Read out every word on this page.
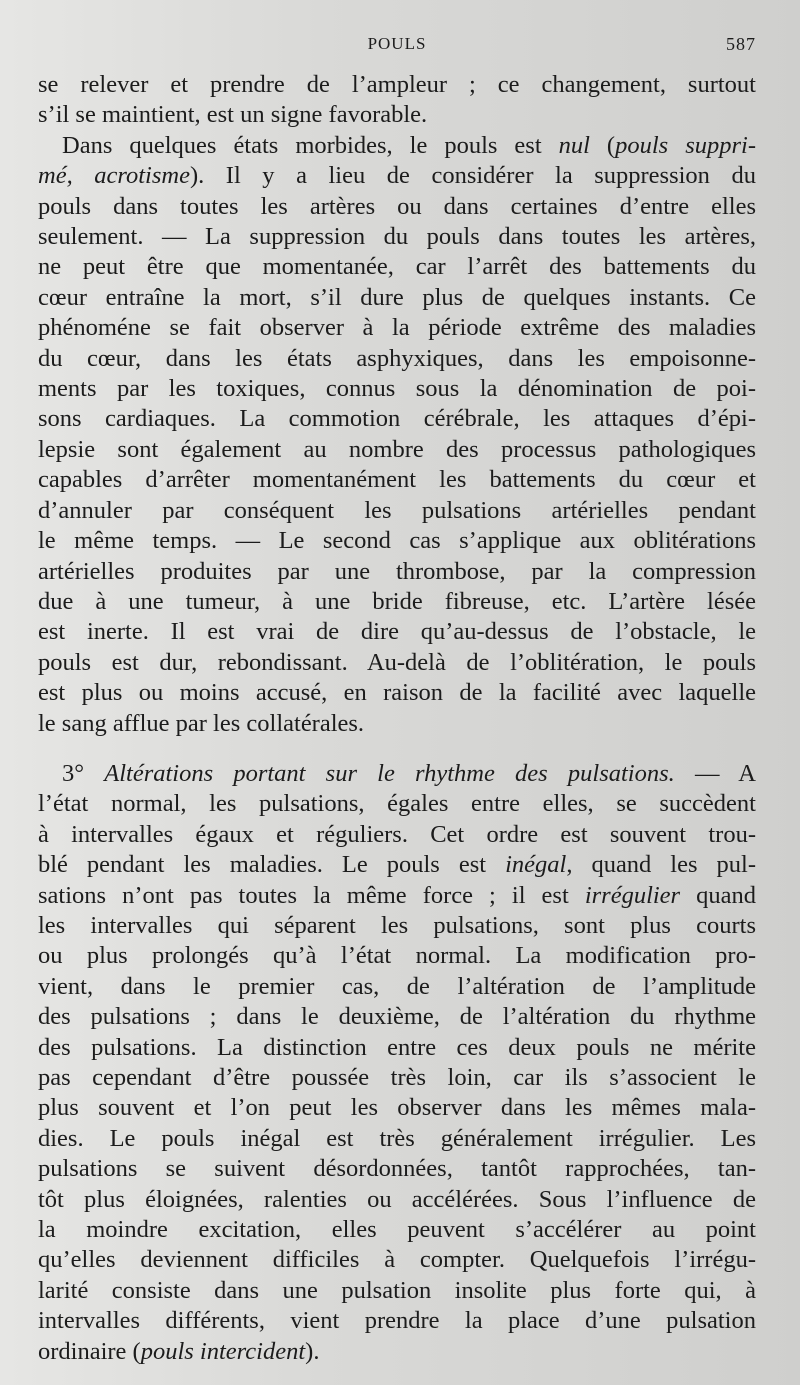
POULS	587

se relever et prendre de l’ampleur ; ce changement, surtout

s’il se maintient, est un signe favorable.

Dans quelques états morbides, le pouls est nul (pouls suppri-

mé, acrotisme). Il y a lieu de considérer la suppression du

pouls dans toutes les artères ou dans certaines d’entre elles

seulement. — La suppression du pouls dans toutes les artères,

ne peut être que momentanée, car l’arrêt des battements du

cœur entraîne la mort, s’il dure plus de quelques instants. Ce

phénoméne se fait observer à la période extrême des maladies

du cœur, dans les états asphyxiques, dans les empoisonne-

ments par les toxiques, connus sous la dénomination de poi-

sons cardiaques. La commotion cérébrale, les attaques d’épi-

lepsie sont également au nombre des processus pathologiques

capables d’arrêter momentanément les battements du cœur et

d’annuler par conséquent les pulsations artérielles pendant

le même temps. — Le second cas s’applique aux oblitérations

artérielles produites par une thrombose, par la compression

due à une tumeur, à une bride fibreuse, etc. L’artère lésée

est inerte. Il est vrai de dire qu’au-dessus de l’obstacle, le

pouls est dur, rebondissant. Au-delà de l’oblitération, le pouls

est plus ou moins accusé, en raison de la facilité avec laquelle

le sang afflue par les collatérales.

3° Altérations portant sur le rhythme des pulsations. — A

l’état normal, les pulsations, égales entre elles, se succèdent

à intervalles égaux et réguliers. Cet ordre est souvent trou-

blé pendant les maladies. Le pouls est inégal, quand les pul-

sations n’ont pas toutes la même force ; il est irrégulier quand

les intervalles qui séparent les pulsations, sont plus courts

ou plus prolongés qu’à l’état normal. La modification pro-

vient, dans le premier cas, de l’altération de l’amplitude

des pulsations ; dans le deuxième, de l’altération du rhythme

des pulsations. La distinction entre ces deux pouls ne mérite

pas cependant d’être poussée très loin, car ils s’associent le

plus souvent et l’on peut les observer dans les mêmes mala-

dies. Le pouls inégal est très généralement irrégulier. Les

pulsations se suivent désordonnées, tantôt rapprochées, tan-

tôt plus éloignées, ralenties ou accélérées. Sous l’influence de

la moindre excitation, elles peuvent s’accélérer au point

qu’elles deviennent difficiles à compter. Quelquefois l’irrégu-

larité consiste dans une pulsation insolite plus forte qui, à

intervalles différents, vient prendre la place d’une pulsation

ordinaire (pouls intercident).
